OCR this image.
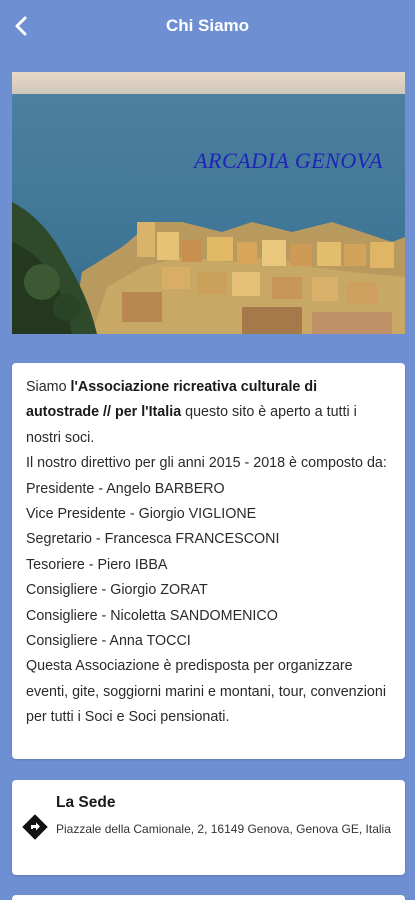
Chi Siamo
ARCADIA GENOVA

Siamo l'Associazione ricreativa culturale di autostrade // per l'Italia questo sito è aperto a tutti i nostri soci.
Il nostro direttivo per gli anni 2015 - 2018 è composto da:
Presidente - Angelo BARBERO
Vice Presidente - Giorgio VIGLIONE
Segretario - Francesca FRANCESCONI
Tesoriere - Piero IBBA
Consigliere - Giorgio ZORAT
Consigliere - Nicoletta SANDOMENICO
Consigliere - Anna TOCCI
Questa Associazione è predisposta per organizzare eventi, gite, soggiorni marini e montani, tour, convenzioni per tutti i Soci e Soci pensionati.

La Sede
Piazzale della Camionale, 2, 16149 Genova, Genova GE, Italia
